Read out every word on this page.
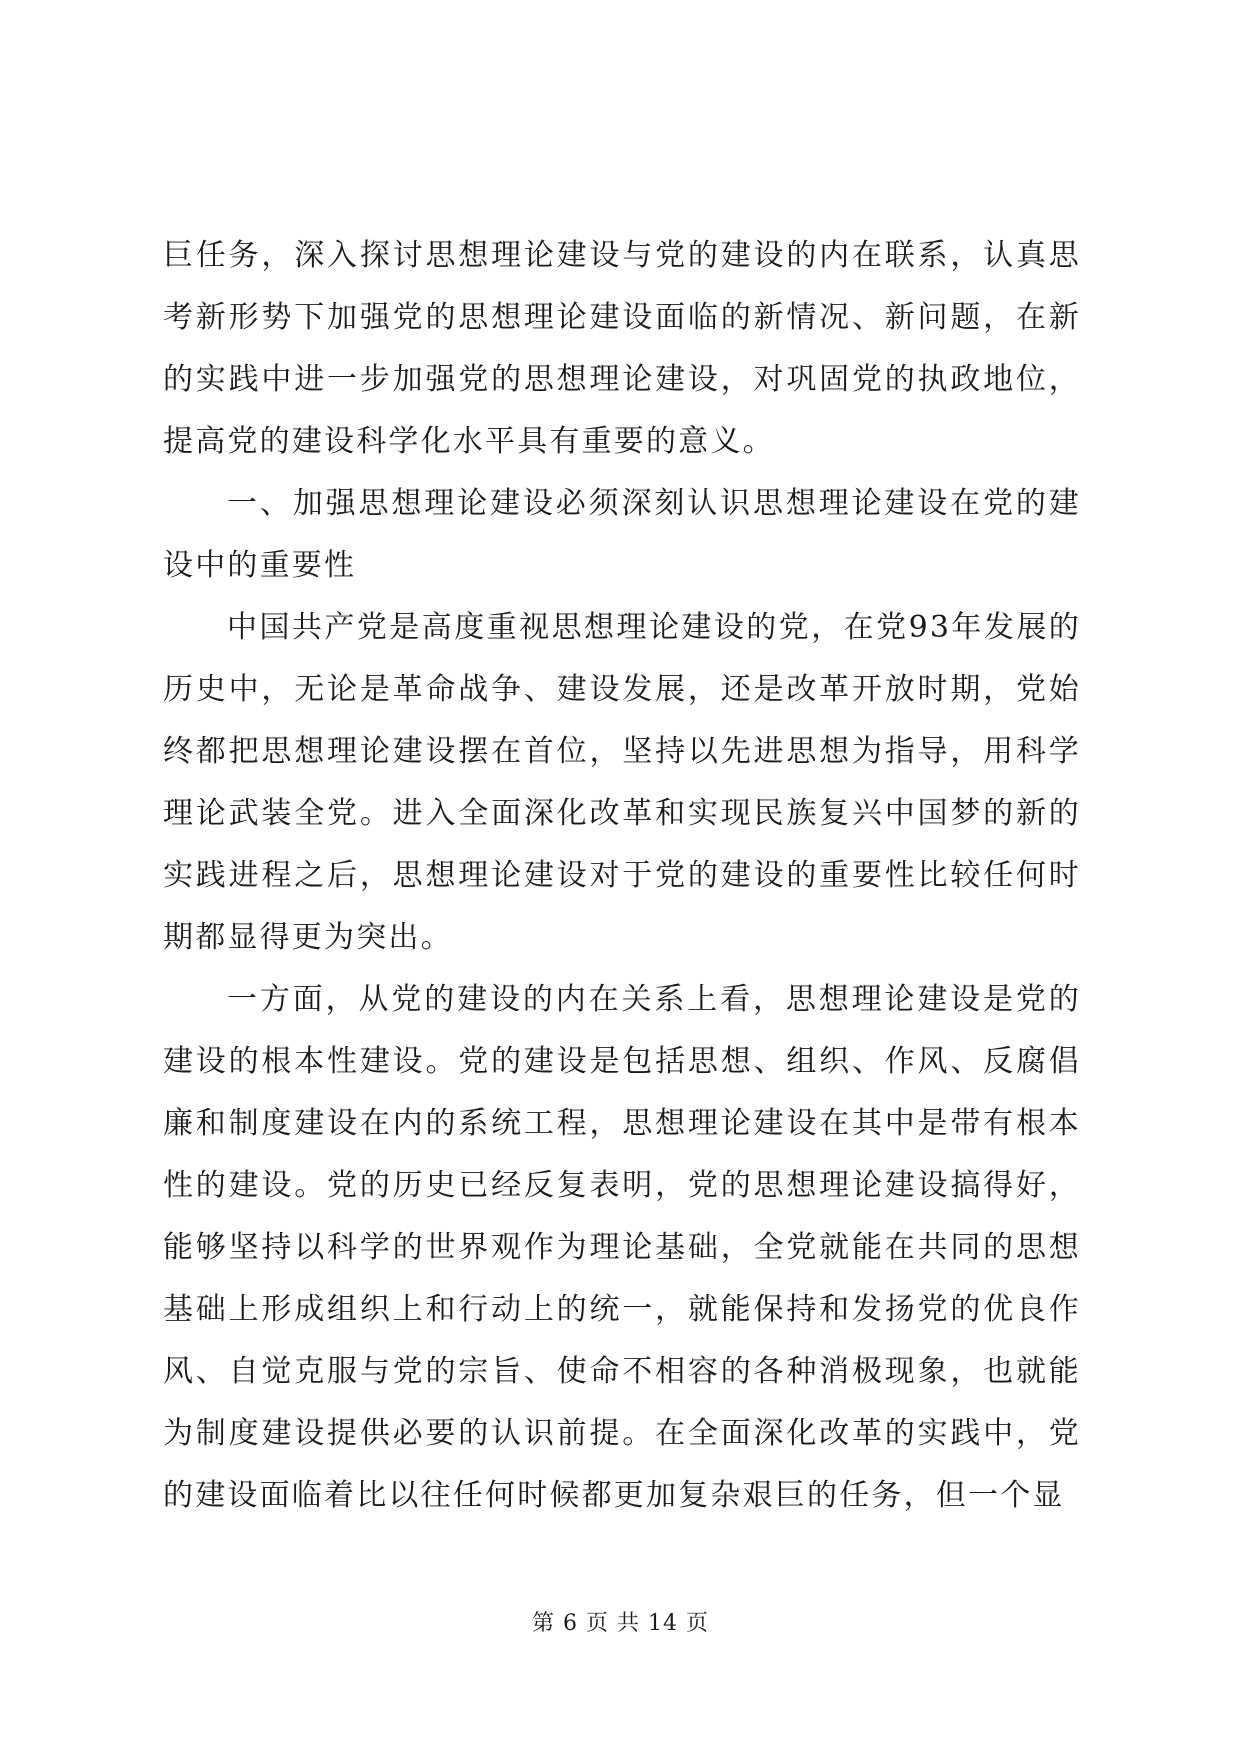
巨任务，深入探讨思想理论建设与党的建设的内在联系，认真思考新形势下加强党的思想理论建设面临的新情况、新问题，在新的实践中进一步加强党的思想理论建设，对巩固党的执政地位，提高党的建设科学化水平具有重要的意义。

一、加强思想理论建设必须深刻认识思想理论建设在党的建设中的重要性

中国共产党是高度重视思想理论建设的党，在党93年发展的历史中，无论是革命战争、建设发展，还是改革开放时期，党始终都把思想理论建设摆在首位，坚持以先进思想为指导，用科学理论武装全党。进入全面深化改革和实现民族复兴中国梦的新的实践进程之后，思想理论建设对于党的建设的重要性比较任何时期都显得更为突出。

一方面，从党的建设的内在关系上看，思想理论建设是党的建设的根本性建设。党的建设是包括思想、组织、作风、反腐倡廉和制度建设在内的系统工程，思想理论建设在其中是带有根本性的建设。党的历史已经反复表明，党的思想理论建设搞得好，能够坚持以科学的世界观作为理论基础，全党就能在共同的思想基础上形成组织上和行动上的统一，就能保持和发扬党的优良作风、自觉克服与党的宗旨、使命不相容的各种消极现象，也就能为制度建设提供必要的认识前提。在全面深化改革的实践中，党的建设面临着比以往任何时候都更加复杂艰巨的任务，但一个显

第 6 页 共 14 页
